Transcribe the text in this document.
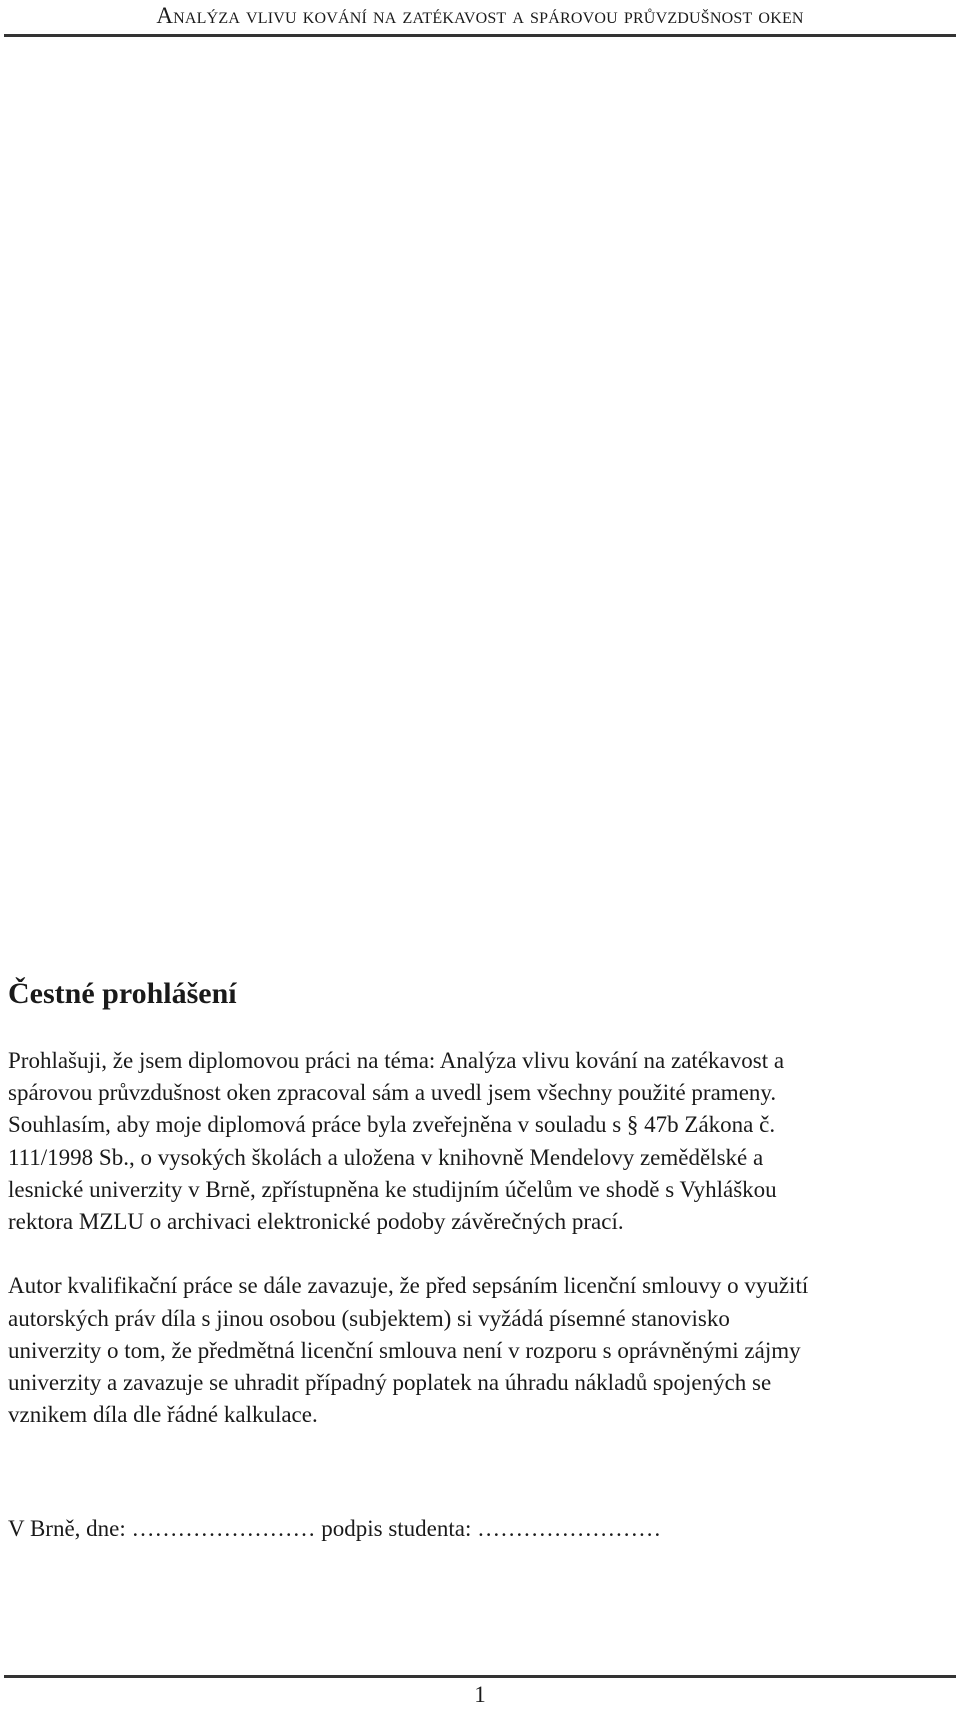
Analýza vlivu kování na zatékavost a spárovou průvzdušnost oken
Čestné prohlášení

Prohlašuji, že jsem diplomovou práci na téma: Analýza vlivu kování na zatékavost a

spárovou průvzdušnost oken zpracoval sám a uvedl jsem všechny použité prameny.

Souhlasím, aby moje diplomová práce byla zveřejněna v souladu s § 47b Zákona č.

111/1998 Sb., o vysokých školách a uložena v knihovně Mendelovy zemědělské a

lesnické univerzity v Brně, zpřístupněna ke studijním účelům ve shodě s Vyhláškou

rektora MZLU o archivaci elektronické podoby závěrečných prací.

Autor kvalifikační práce se dále zavazuje, že před sepsáním licenční smlouvy o využití

autorských práv díla s jinou osobou (subjektem) si vyžádá písemné stanovisko

univerzity o tom, že předmětná licenční smlouva není v rozporu s oprávněnými zájmy

univerzity a zavazuje se uhradit případný poplatek na úhradu nákladů spojených se

vznikem díla dle řádné kalkulace.

V Brně, dne: …………………… podpis studenta: ……………………
1
